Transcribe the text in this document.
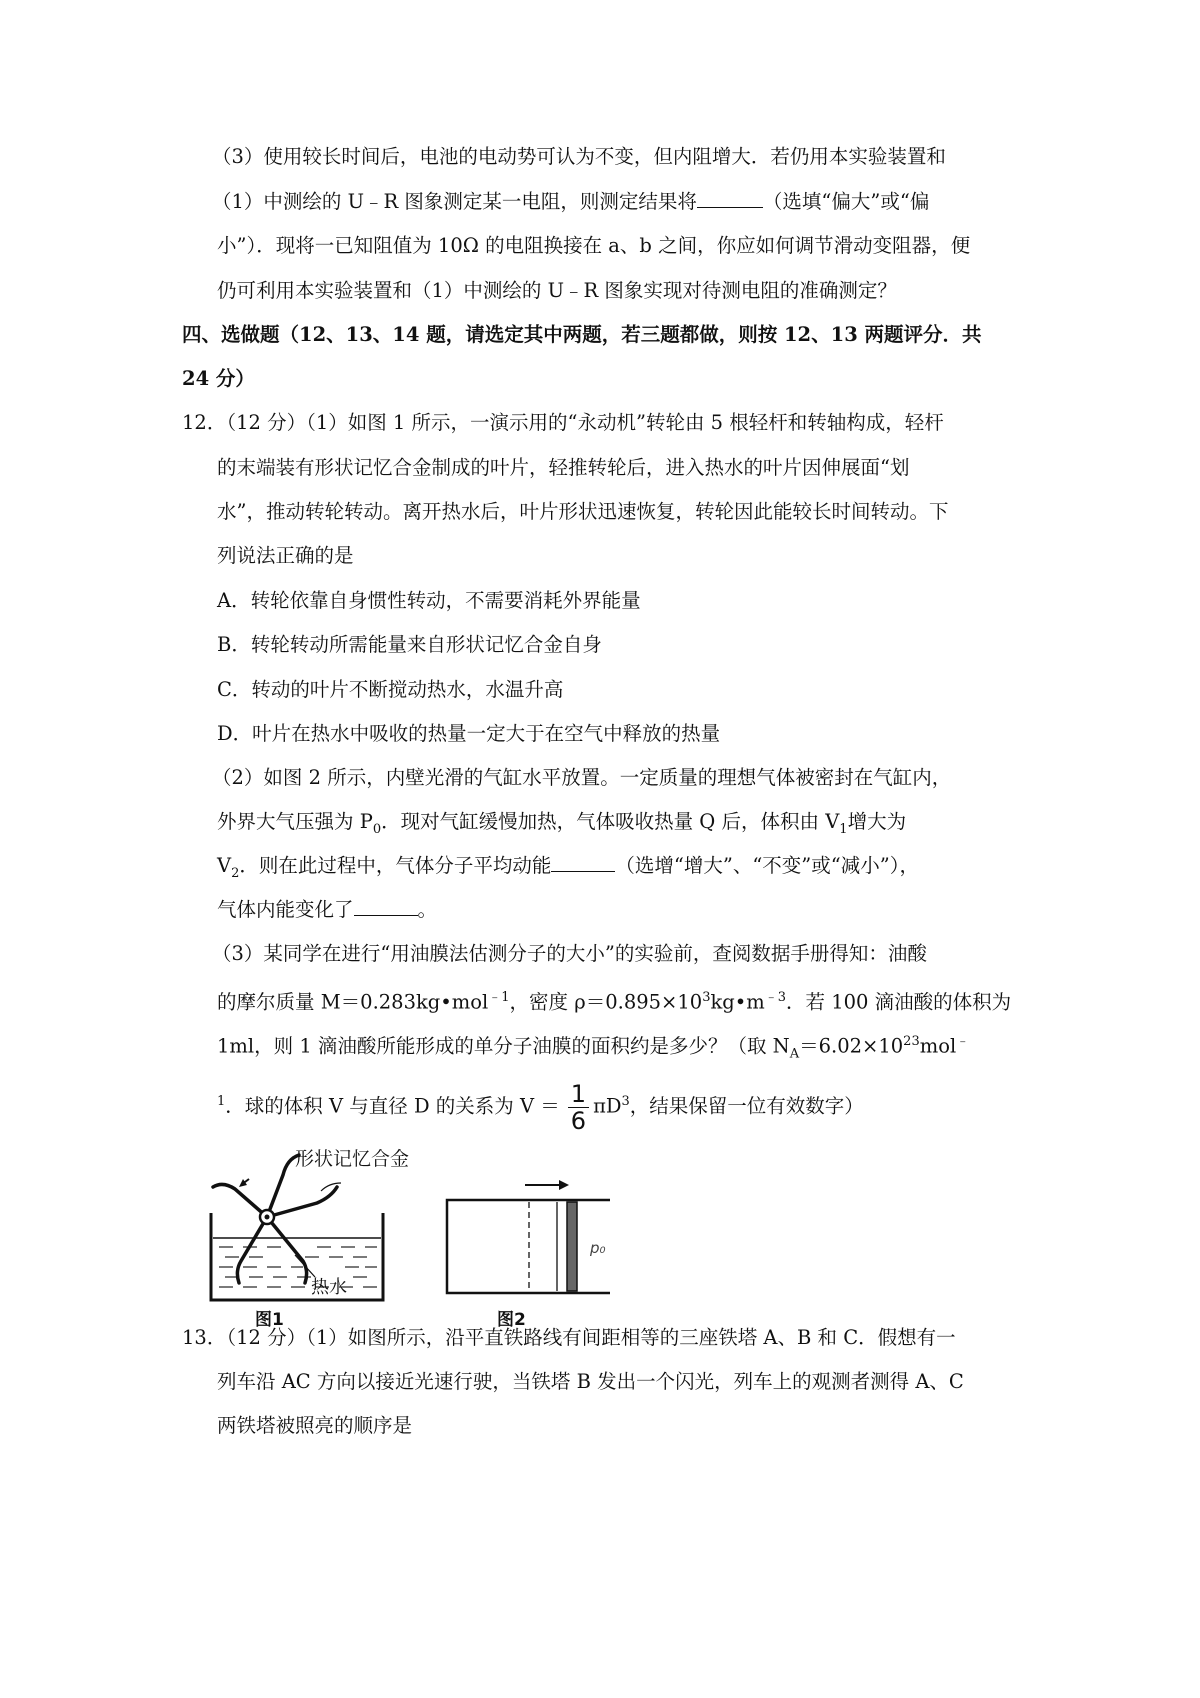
（3）使用较长时间后，电池的电动势可认为不变，但内阻增大．若仍用本实验装置和
（1）中测绘的 U﹣R 图象测定某一电阻，则测定结果将	（选填“偏大”或“偏
小”）．现将一已知阻值为 10Ω 的电阻换接在 a、b 之间，你应如何调节滑动变阻器，便
仍可利用本实验装置和（1）中测绘的 U﹣R 图象实现对待测电阻的准确测定？
四、选做题（12、13、14 题，请选定其中两题，若三题都做，则按 12、13 两题评分．共
24 分）
12．（12 分）（1）如图 1 所示，一演示用的“永动机”转轮由 5 根轻杆和转轴构成，轻杆
的末端装有形状记忆合金制成的叶片，轻推转轮后，进入热水的叶片因伸展面“划
水”，推动转轮转动。离开热水后，叶片形状迅速恢复，转轮因此能较长时间转动。下
列说法正确的是
A．转轮依靠自身惯性转动，不需要消耗外界能量
B．转轮转动所需能量来自形状记忆合金自身
C．转动的叶片不断搅动热水，水温升高
D．叶片在热水中吸收的热量一定大于在空气中释放的热量
（2）如图 2 所示，内壁光滑的气缸水平放置。一定质量的理想气体被密封在气缸内，
外界大气压强为 $P_0$．现对气缸缓慢加热，气体吸收热量 Q 后，体积由 $V_1$增大为
$V_2$．则在此过程中，气体分子平均动能	（选增“增大”、“不变”或“减小”），
气体内能变化了	。
（3）某同学在进行“用油膜法估测分子的大小”的实验前，查阅数据手册得知：油酸
的摩尔质量 M＝0.283kg•mol$^{﹣1}$，密度 $\rho=0.895\times 10^3kg•m^{﹣3}$．若 100 滴油酸的体积为
1ml，则 1 滴油酸所能形成的单分子油膜的面积约是多少？（取 $N_A=6.02\times 10^{23}mol^﹣$
$^1$．球的体积 V 与直径 D 的关系为 $V = \frac{1}{6} \pi D^3$，结果保留一位有效数字）
形状记忆合金
热水
图1
p₀
图2
13．（12 分）（1）如图所示，沿平直铁路线有间距相等的三座铁塔 A、B 和 C．假想有一
列车沿 AC 方向以接近光速行驶，当铁塔 B 发出一个闪光，列车上的观测者测得 A、C
两铁塔被照亮的顺序是
